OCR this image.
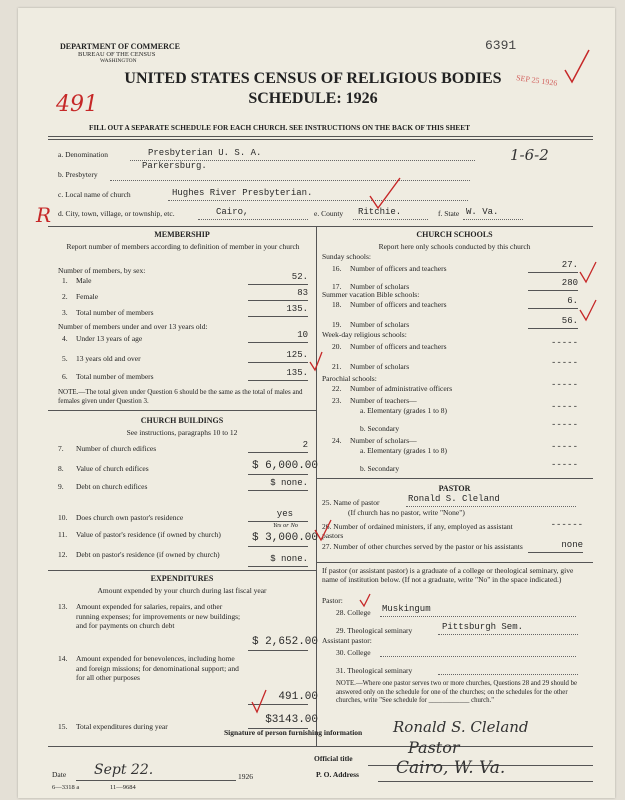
DEPARTMENT OF COMMERCE
BUREAU OF THE CENSUS
WASHINGTON
6391
SEP 25 1926
UNITED STATES CENSUS OF RELIGIOUS BODIES
SCHEDULE: 1926
491
FILL OUT A SEPARATE SCHEDULE FOR EACH CHURCH. SEE INSTRUCTIONS ON THE BACK OF THIS SHEET
a. Denomination	Presbyterian U. S. A.	1-6-2
b. Presbytery
Parkersburg.
c. Local name of church	Hughes River Presbyterian.
R d. City, town, village, or township, etc.	Cairo,	e. County Ritchie.	f. State W. Va.
MEMBERSHIP
Report number of members according to definition of member in your church
Number of members, by sex:
1. Male	52.
2. Female	83
3. Total number of members	135.
Number of members under and over 13 years old:
4. Under 13 years of age	10
5. 13 years old and over	125.
6. Total number of members	135.
NOTE.—The total given under Question 6 should be the same as the total of males and females given under Question 3.
CHURCH BUILDINGS
See instructions, paragraphs 10 to 12
7. Number of church edifices	2
8. Value of church edifices	$ 6,000.00
9. Debt on church edifices	$ none.
10. Does church own pastor's residence	yes
Yes or No
11. Value of pastor's residence (if owned by church)	$ 3,000.00
12. Debt on pastor's residence (if owned by church)	$ none.
EXPENDITURES
Amount expended by your church during last fiscal year
13. Amount expended for salaries, repairs, and other running expenses; for improvements or new buildings; and for payments on church debt
$ 2,652.00
14. Amount expended for benevolences, including home and foreign missions; for denominational support; and for all other purposes
491.00
15. Total expenditures during year
$3143.00
CHURCH SCHOOLS
Report here only schools conducted by this church
Sunday schools:
16. Number of officers and teachers	27.
17. Number of scholars	280
Summer vacation Bible schools:
18. Number of officers and teachers	6.
19. Number of scholars	56.
Week-day religious schools:
20. Number of officers and teachers	-----
21. Number of scholars	-----
Parochial schools:
22. Number of administrative officers	-----
23. Number of teachers—
a. Elementary (grades 1 to 8)	-----
b. Secondary	-----
24. Number of scholars—
a. Elementary (grades 1 to 8)	-----
b. Secondary	-----
PASTOR
25. Name of pastor	Ronald S. Cleland
(If church has no pastor, write "None")
26. Number of ordained ministers, if any, employed as assistant pastors
------
27. Number of other churches served by the pastor or his assistants	none
If pastor (or assistant pastor) is a graduate of a college or theological seminary, give name of institution below. (If not a graduate, write "No" in the space indicated.)
Pastor:
28. College Muskingum
29. Theological seminary	Pittsburgh Sem.
Assistant pastor:
30. College
31. Theological seminary
NOTE.—Where one pastor serves two or more churches, Questions 28 and 29 should be answered only on the schedule for one of the churches; on the schedules for the other churches, write "See schedule for ____________ church."
Signature of person furnishing information Ronald S. Cleland
Official title
Pastor
Date Sept 22.	1926	P. O. Address Cairo, W. Va.
6—3318 a	11—9684
